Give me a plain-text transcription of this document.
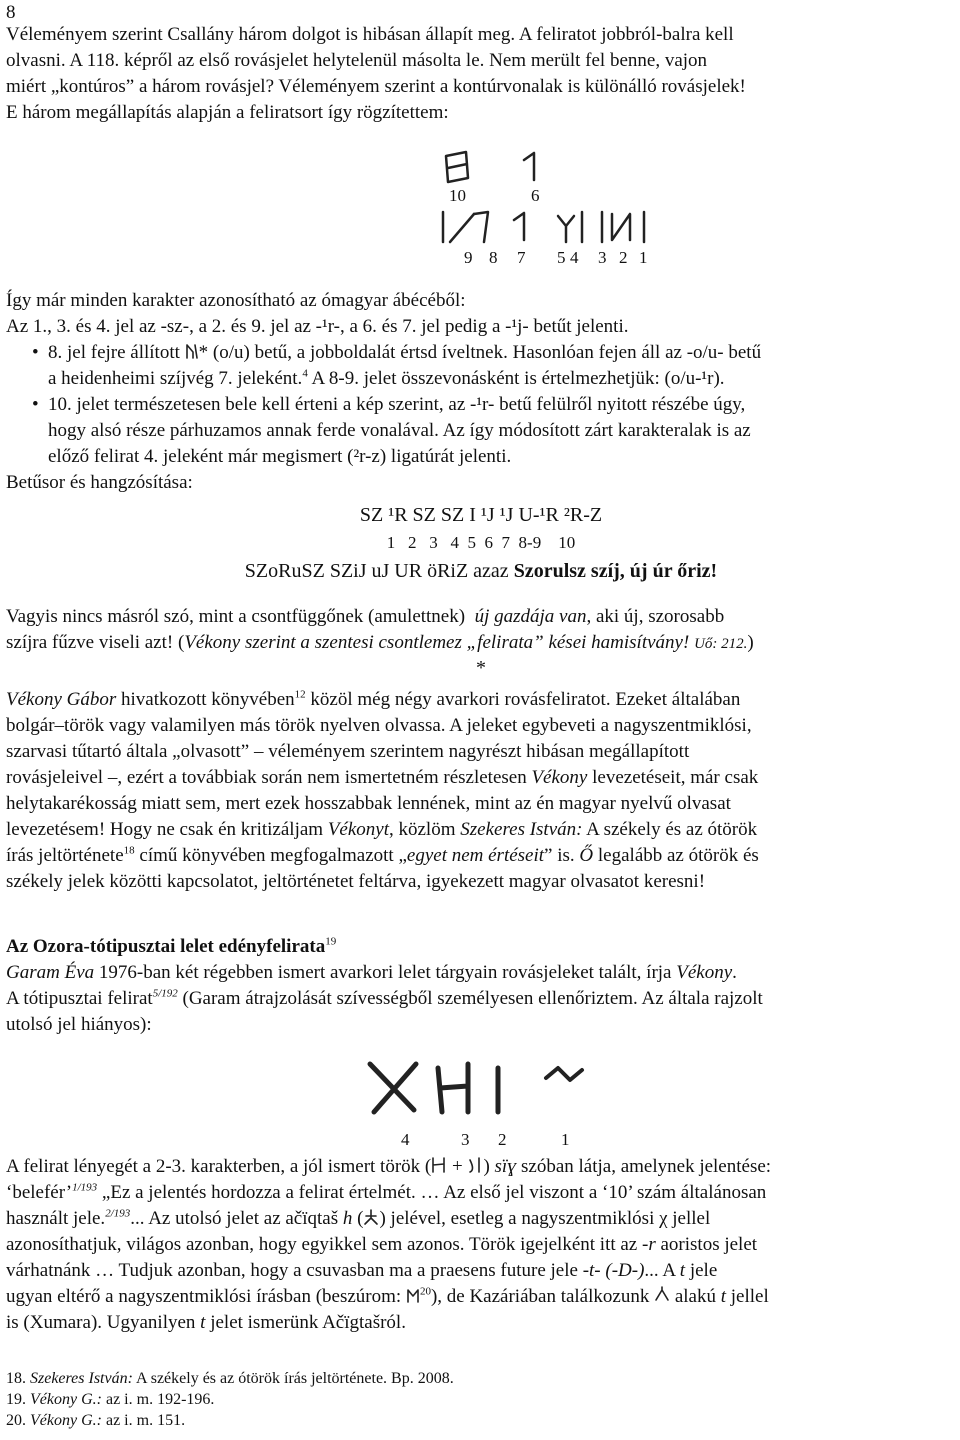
8

Véleményem szerint Csallány három dolgot is hibásan állapít meg. A feliratot jobbról-balra kell

olvasni. A 118. képről az első rovásjelet helytelenül másolta le. Nem merült fel benne, vajon

miért „kontúros” a három rovásjel? Véleményem szerint a kontúrvonalak is különálló rovásjelek!

E három megállapítás alapján a feliratsort így rögzítettem:

10	6
9 8 7 5 4 3 2 1

Így már minden karakter azonosítható az ómagyar ábécéből:

Az 1., 3. és 4. jel az -sz-, a 2. és 9. jel az -¹r-, a 6. és 7. jel pedig a -¹j- betűt jelenti.

• 8. jel fejre állított * (o/u) betű, a jobboldalát értsd íveltnek. Hasonlóan fejen áll az -o/u- betű
a heidenheimi szíjvég 7. jeleként.$^4$ A 8-9. jelet összevonásként is értelmezhetjük: (o/u-¹r).
• 10. jelet természetesen bele kell érteni a kép szerint, az -¹r- betű felülről nyitott részébe úgy,
hogy alsó része párhuzamos annak ferde vonalával. Az így módosított zárt karakteralak is az
előző felirat 4. jeleként már megismert (²r-z) ligatúrát jelenti.

Betűsor és hangzósítása:

SZ ¹R SZ SZ I ¹J ¹J U-¹R ²R-Z

1   2   3   4  5  6  7  8-9    10

SZoRuSZ SZiJ uJ UR öRiZ azaz Szorulsz szíj, új úr őriz!

Vagyis nincs másról szó, mint a csontfüggőnek (amulettnek) új gazdája van, aki új, szorosabb

szíjra fűzve viseli azt! (Vékony szerint a szentesi csontlemez „felirata” kései hamisítvány! Uő: 212.)

*

Vékony Gábor hivatkozott könyvében$^{12}$ közöl még négy avarkori rovásfeliratot. Ezeket általában

bolgár–török vagy valamilyen más török nyelven olvassa. A jeleket egybeveti a nagyszentmiklósi,

szarvasi tűtartó általa „olvasott” – véleményem szerintem nagyrészt hibásan megállapított

rovásjeleivel –, ezért a továbbiak során nem ismertetném részletesen Vékony levezetéseit, már csak

helytakarékosság miatt sem, mert ezek hosszabbak lennének, mint az én magyar nyelvű olvasat

levezetésem! Hogy ne csak én kritizáljam Vékonyt, közlöm Szekeres István: A székely és az ótörök

írás jeltörténete$^{18}$ című könyvében megfogalmazott „egyet nem értéseit” is. Ő legalább az ótörök és

székely jelek közötti kapcsolatot, jeltörténetet feltárva, igyekezett magyar olvasatot keresni!

Az Ozora-tótipusztai lelet edényfelirata$^{19}$

Garam Éva 1976-ban két régebben ismert avarkori lelet tárgyain rovásjeleket talált, írja Vékony.

A tótipusztai felirat$^{5/192}$ (Garam átrajzolását szívességből személyesen ellenőriztem. Az általa rajzolt

utolsó jel hiányos):

4	3 2	1

A felirat lényegét a 2-3. karakterben, a jól ismert török ( + ) sïɣ szóban látja, amelynek jelentése:

‘belefér’$^{1/193}$ „Ez a jelentés hordozza a felirat értelmét. … Az első jel viszont a ‘10’ szám általánosan

használt jele.$^{2/193}$... Az utolsó jelet az ačïqtaš h ( ) jelével, esetleg a nagyszentmiklósi χ jellel

azonosíthatjuk, világos azonban, hogy egyikkel sem azonos. Török igejelként itt az -r aoristos jelet

várhatnánk … Tudjuk azonban, hogy a csuvasban ma a praesens future jele -t- (-D-)... A t jele

ugyan eltérő a nagyszentmiklósi írásban (beszúrom: $^{20}$), de Kazáriában találkozunk  alakú t jellel

is (Xumara). Ugyanilyen t jelet ismerünk Ačïgtašról.

18. Szekeres István: A székely és az ótörök írás jeltörténete. Bp. 2008.

19. Vékony G.: az i. m. 192-196.

20. Vékony G.: az i. m. 151.
